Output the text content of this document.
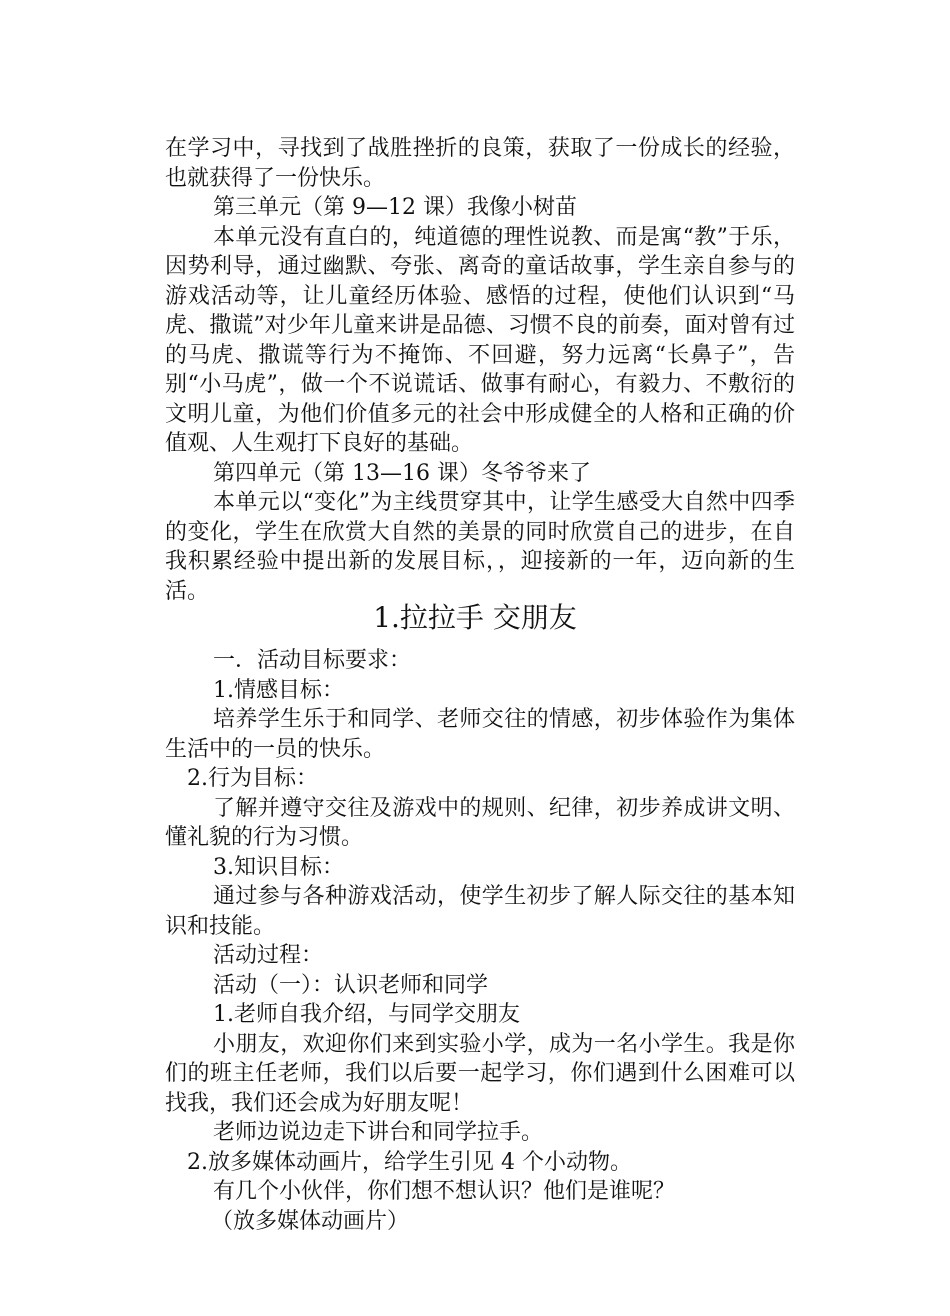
在学习中，寻找到了战胜挫折的良策，获取了一份成长的经验，也就获得了一份快乐。

第三单元（第 9—12 课）我像小树苗

本单元没有直白的，纯道德的理性说教、而是寓“教”于乐，因势利导，通过幽默、夸张、离奇的童话故事，学生亲自参与的游戏活动等，让儿童经历体验、感悟的过程，使他们认识到“马虎、撒谎”对少年儿童来讲是品德、习惯不良的前奏，面对曾有过的马虎、撒谎等行为不掩饰、不回避，努力远离“长鼻子”，告别“小马虎”，做一个不说谎话、做事有耐心，有毅力、不敷衍的文明儿童，为他们价值多元的社会中形成健全的人格和正确的价值观、人生观打下良好的基础。

第四单元（第 13—16 课）冬爷爷来了

本单元以“变化”为主线贯穿其中，让学生感受大自然中四季的变化，学生在欣赏大自然的美景的同时欣赏自己的进步，在自我积累经验中提出新的发展目标，，迎接新的一年，迈向新的生活。

1.拉拉手 交朋友

一．活动目标要求：

1.情感目标：

培养学生乐于和同学、老师交往的情感，初步体验作为集体生活中的一员的快乐。

2.行为目标：

了解并遵守交往及游戏中的规则、纪律，初步养成讲文明、懂礼貌的行为习惯。

3.知识目标：

通过参与各种游戏活动，使学生初步了解人际交往的基本知识和技能。

活动过程：

活动（一）：认识老师和同学

1.老师自我介绍，与同学交朋友

小朋友，欢迎你们来到实验小学，成为一名小学生。我是你们的班主任老师，我们以后要一起学习，你们遇到什么困难可以找我，我们还会成为好朋友呢！

老师边说边走下讲台和同学拉手。

2.放多媒体动画片，给学生引见 4 个小动物。

有几个小伙伴，你们想不想认识？他们是谁呢？

（放多媒体动画片）
